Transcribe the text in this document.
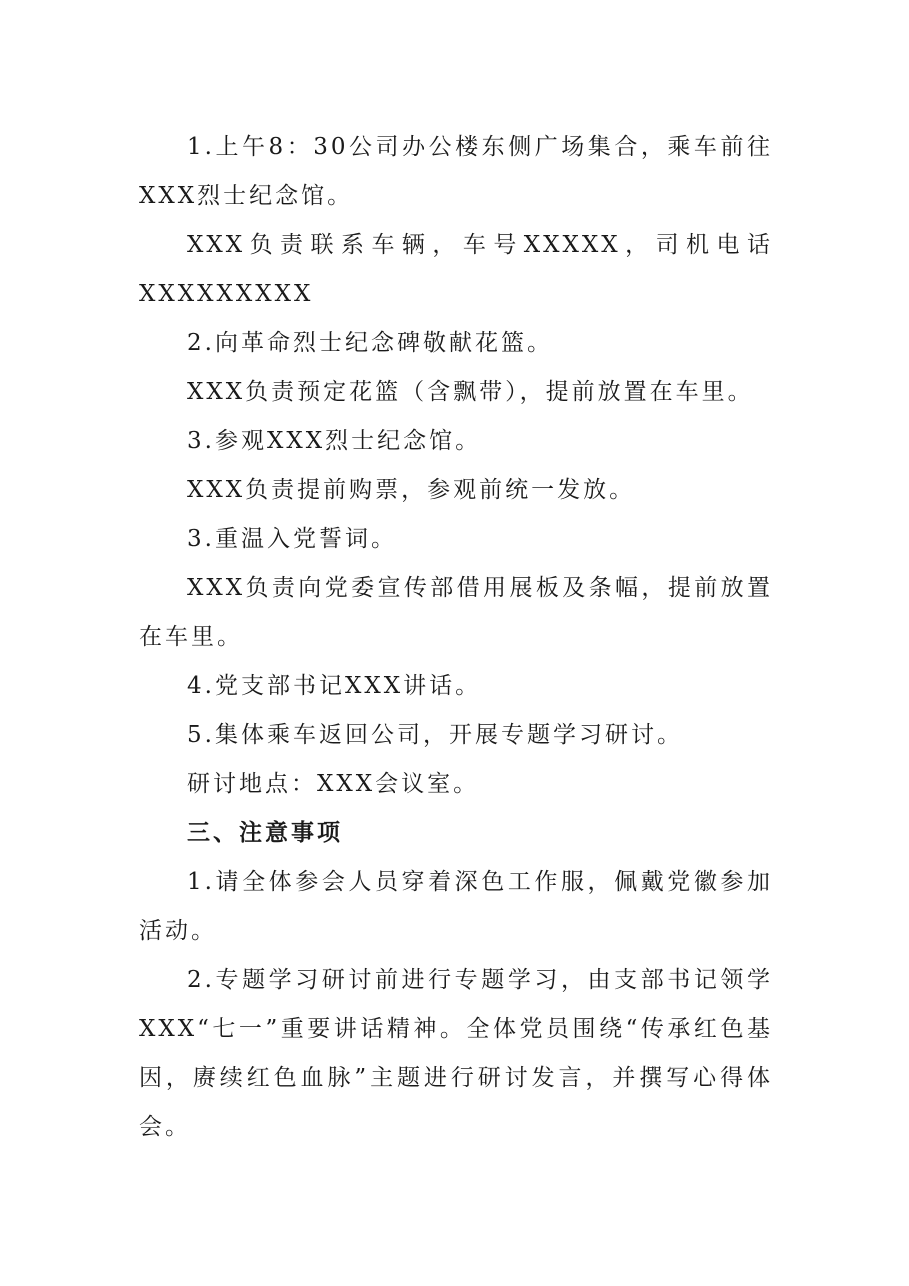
1.上午8：30公司办公楼东侧广场集合，乘车前往XXX烈士纪念馆。

XXX负责联系车辆，车号XXXXX，司机电话XXXXXXXXX

2.向革命烈士纪念碑敬献花篮。

XXX负责预定花篮（含飘带），提前放置在车里。

3.参观XXX烈士纪念馆。

XXX负责提前购票，参观前统一发放。

3.重温入党誓词。

XXX负责向党委宣传部借用展板及条幅，提前放置在车里。

4.党支部书记XXX讲话。

5.集体乘车返回公司，开展专题学习研讨。

研讨地点：XXX会议室。

三、注意事项

1.请全体参会人员穿着深色工作服，佩戴党徽参加活动。

2.专题学习研讨前进行专题学习，由支部书记领学XXX“七一”重要讲话精神。全体党员围绕“传承红色基因，赓续红色血脉”主题进行研讨发言，并撰写心得体会。
